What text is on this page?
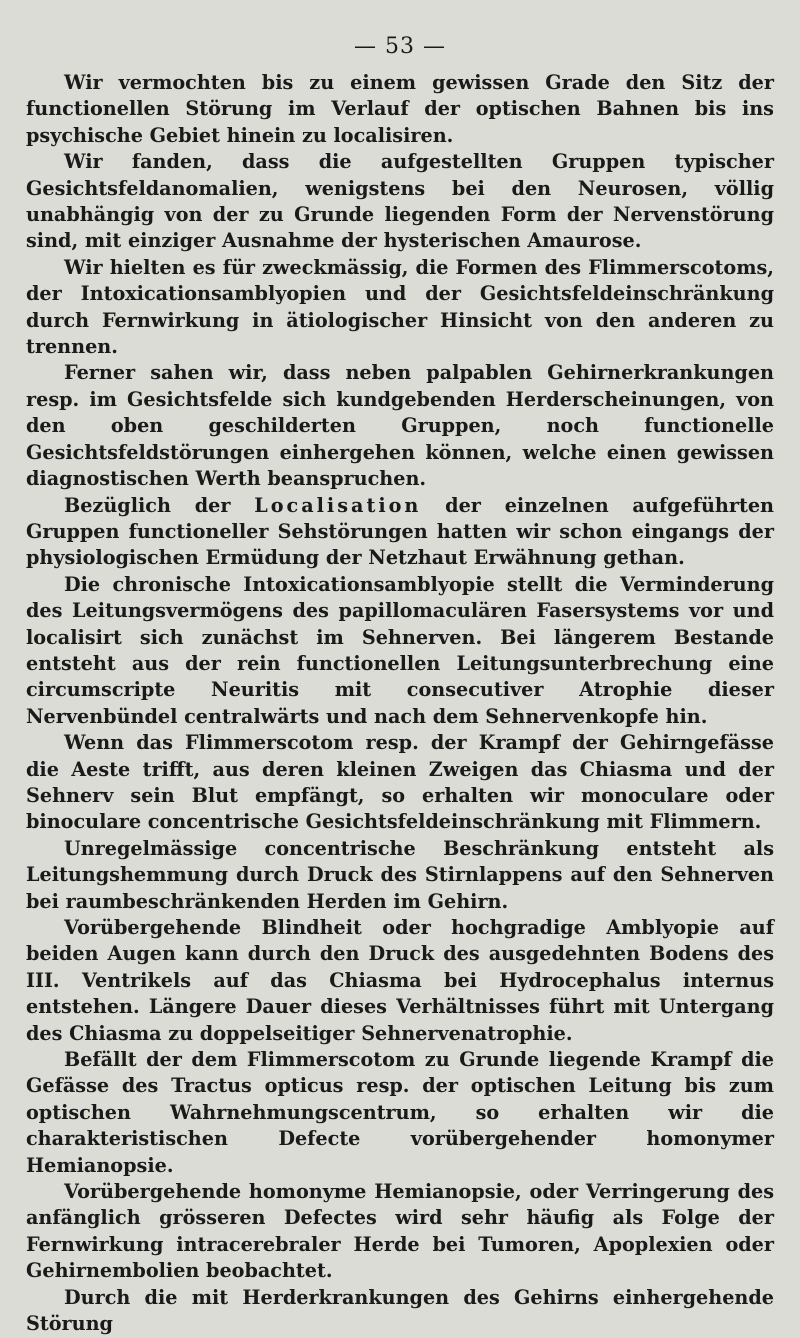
— 53 —

Wir vermochten bis zu einem gewissen Grade den Sitz der functionellen Störung im Verlauf der optischen Bahnen bis ins psychische Gebiet hinein zu localisiren.

Wir fanden, dass die aufgestellten Gruppen typischer Gesichtsfeldanomalien, wenigstens bei den Neurosen, völlig unabhängig von der zu Grunde liegenden Form der Nervenstörung sind, mit einziger Ausnahme der hysterischen Amaurose.

Wir hielten es für zweckmässig, die Formen des Flimmerscotoms, der Intoxicationsamblyopien und der Gesichtsfeldeinschränkung durch Fernwirkung in ätiologischer Hinsicht von den anderen zu trennen.

Ferner sahen wir, dass neben palpablen Gehirnerkrankungen resp. im Gesichtsfelde sich kundgebenden Herderscheinungen, von den oben geschilderten Gruppen, noch functionelle Gesichtsfeldstörungen einhergehen können, welche einen gewissen diagnostischen Werth beanspruchen.

Bezüglich der Localisation der einzelnen aufgeführten Gruppen functioneller Sehstörungen hatten wir schon eingangs der physiologischen Ermüdung der Netzhaut Erwähnung gethan.

Die chronische Intoxicationsamblyopie stellt die Verminderung des Leitungsvermögens des papillomaculären Fasersystems vor und localisirt sich zunächst im Sehnerven. Bei längerem Bestande entsteht aus der rein functionellen Leitungsunterbrechung eine circumscripte Neuritis mit consecutiver Atrophie dieser Nervenbündel centralwärts und nach dem Sehnervenkopfe hin.

Wenn das Flimmerscotom resp. der Krampf der Gehirngefässe die Aeste trifft, aus deren kleinen Zweigen das Chiasma und der Sehnerv sein Blut empfängt, so erhalten wir monoculare oder binoculare concentrische Gesichtsfeldeinschränkung mit Flimmern.

Unregelmässige concentrische Beschränkung entsteht als Leitungshemmung durch Druck des Stirnlappens auf den Sehnerven bei raumbeschränkenden Herden im Gehirn.

Vorübergehende Blindheit oder hochgradige Amblyopie auf beiden Augen kann durch den Druck des ausgedehnten Bodens des III. Ventrikels auf das Chiasma bei Hydrocephalus internus entstehen. Längere Dauer dieses Verhältnisses führt mit Untergang des Chiasma zu doppelseitiger Sehnervenatrophie.

Befällt der dem Flimmerscotom zu Grunde liegende Krampf die Gefässe des Tractus opticus resp. der optischen Leitung bis zum optischen Wahrnehmungscentrum, so erhalten wir die charakteristischen Defecte vorübergehender homonymer Hemianopsie.

Vorübergehende homonyme Hemianopsie, oder Verringerung des anfänglich grösseren Defectes wird sehr häufig als Folge der Fernwirkung intracerebraler Herde bei Tumoren, Apoplexien oder Gehirnembolien beobachtet.

Durch die mit Herderkrankungen des Gehirns einhergehende Störung
